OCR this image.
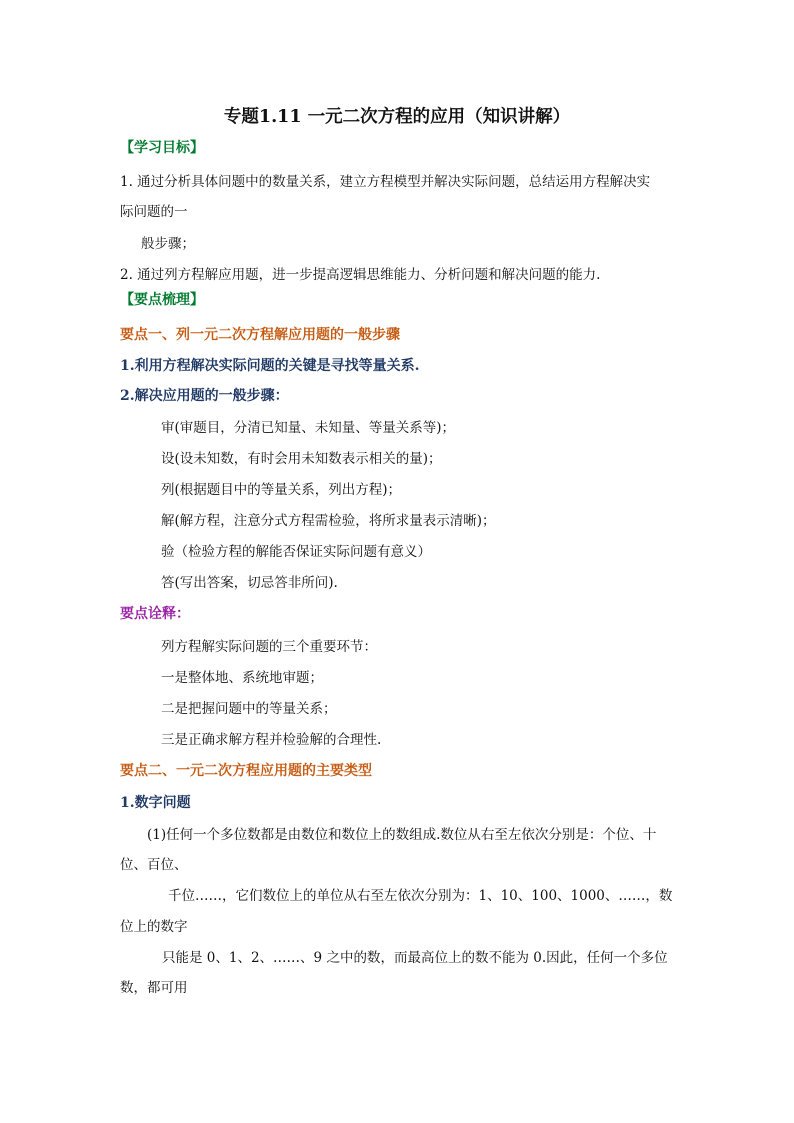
专题1.11 一元二次方程的应用（知识讲解）
【学习目标】
1. 通过分析具体问题中的数量关系，建立方程模型并解决实际问题，总结运用方程解决实
际问题的一
般步骤；
2. 通过列方程解应用题，进一步提高逻辑思维能力、分析问题和解决问题的能力.
【要点梳理】
要点一、列一元二次方程解应用题的一般步骤
1.利用方程解决实际问题的关键是寻找等量关系.
2.解决应用题的一般步骤：
审(审题目，分清已知量、未知量、等量关系等)；
设(设未知数，有时会用未知数表示相关的量)；
列(根据题目中的等量关系，列出方程)；
解(解方程，注意分式方程需检验，将所求量表示清晰)；
验（检验方程的解能否保证实际问题有意义）
答(写出答案，切忌答非所问).
要点诠释：
列方程解实际问题的三个重要环节：
一是整体地、系统地审题；
二是把握问题中的等量关系；
三是正确求解方程并检验解的合理性.
要点二、一元二次方程应用题的主要类型
1.数字问题
(1)任何一个多位数都是由数位和数位上的数组成.数位从右至左依次分别是：个位、十
位、百位、
千位……，它们数位上的单位从右至左依次分别为：1、10、100、1000、……，数
位上的数字
只能是 0、1、2、……、9 之中的数，而最高位上的数不能为 0.因此，任何一个多位
数，都可用
